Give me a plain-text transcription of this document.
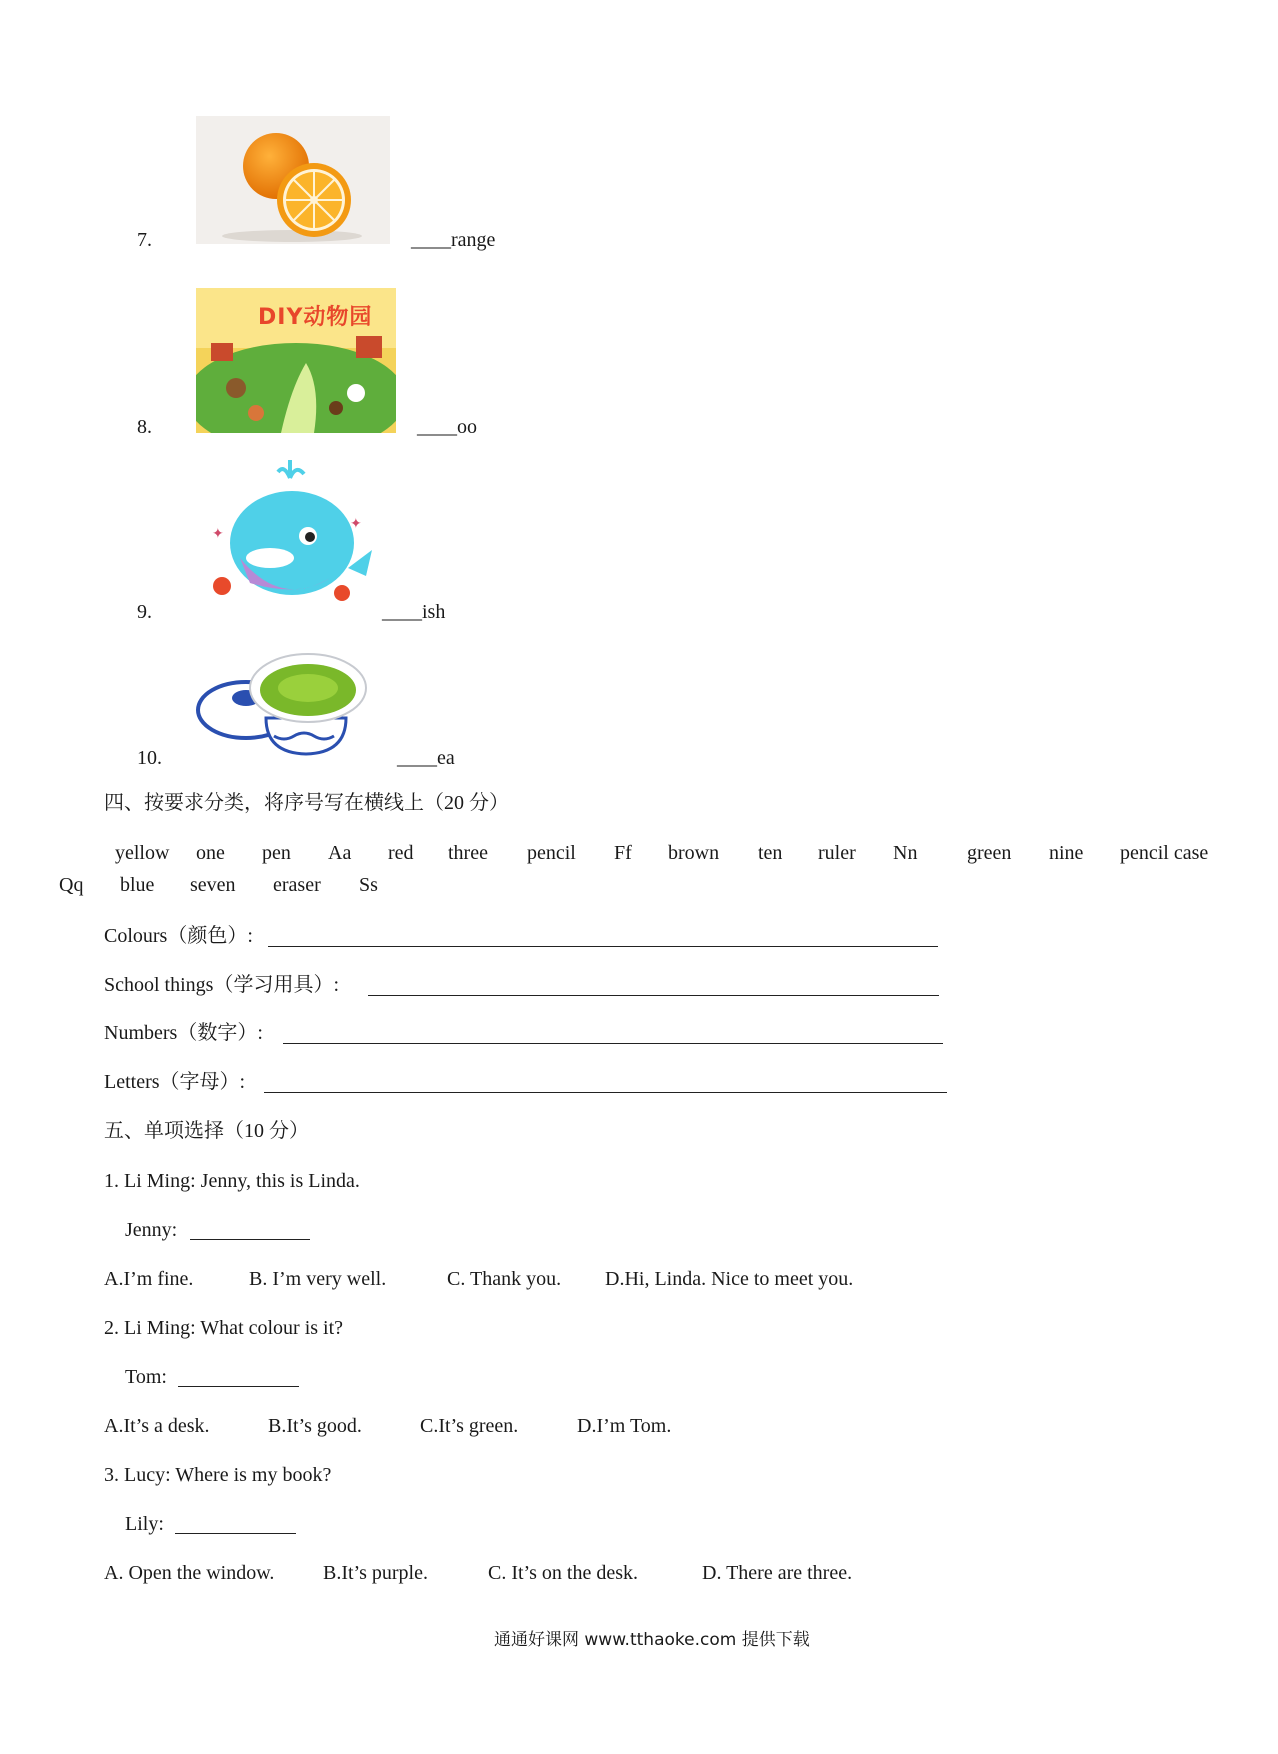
7.	____range
8.
DIY动物园
____oo
9.
✦
✦
____ish
10.	____ea
四、按要求分类，将序号写在横线上（20 分）
yellow one pen Aa red three pencil Ff brown ten ruler Nn green nine pencil case
Qq blue seven eraser Ss
Colours（颜色）:
School things（学习用具）:
Numbers（数字）:
Letters（字母）:
五、单项选择（10 分）
1. Li Ming: Jenny, this is Linda.
Jenny:
A.I’m fine.	B. I’m very well.	C. Thank you. D.Hi, Linda. Nice to meet you.
2. Li Ming: What colour is it?
Tom:
A.It’s a desk.	B.It’s good.	C.It’s green.	D.I’m Tom.
3. Lucy: Where is my book?
Lily:
A. Open the window. B.It’s purple.	C. It’s on the desk.	D. There are three.
通通好课网 www.tthaoke.com 提供下载
